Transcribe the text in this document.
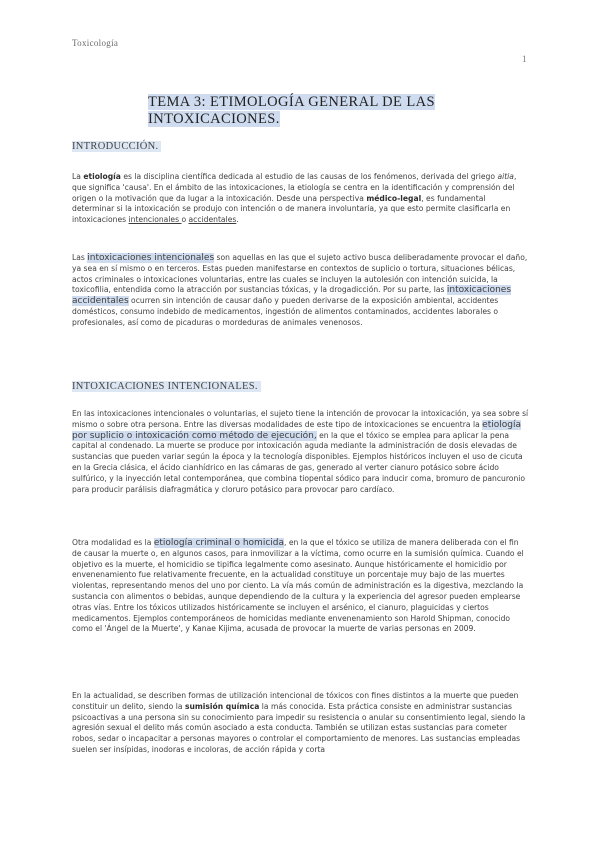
Toxicología
1
TEMA 3: ETIMOLOGÍA GENERAL DE LAS INTOXICACIONES.
INTRODUCCIÓN.

La etiología es la disciplina científica dedicada al estudio de las causas de los fenómenos, derivada del griego aitia, que significa 'causa'. En el ámbito de las intoxicaciones, la etiología se centra en la identificación y comprensión del origen o la motivación que da lugar a la intoxicación. Desde una perspectiva médico-legal, es fundamental determinar si la intoxicación se produjo con intención o de manera involuntaria, ya que esto permite clasificarla en intoxicaciones intencionales o accidentales.

Las intoxicaciones intencionales son aquellas en las que el sujeto activo busca deliberadamente provocar el daño, ya sea en sí mismo o en terceros. Estas pueden manifestarse en contextos de suplicio o tortura, situaciones bélicas, actos criminales o intoxicaciones voluntarias, entre las cuales se incluyen la autolesión con intención suicida, la toxicofilia, entendida como la atracción por sustancias tóxicas, y la drogadicción. Por su parte, las intoxicaciones accidentales ocurren sin intención de causar daño y pueden derivarse de la exposición ambiental, accidentes domésticos, consumo indebido de medicamentos, ingestión de alimentos contaminados, accidentes laborales o profesionales, así como de picaduras o mordeduras de animales venenosos.

INTOXICACIONES INTENCIONALES.

En las intoxicaciones intencionales o voluntarias, el sujeto tiene la intención de provocar la intoxicación, ya sea sobre sí mismo o sobre otra persona. Entre las diversas modalidades de este tipo de intoxicaciones se encuentra la etiología por suplicio o intoxicación como método de ejecución, en la que el tóxico se emplea para aplicar la pena capital al condenado. La muerte se produce por intoxicación aguda mediante la administración de dosis elevadas de sustancias que pueden variar según la época y la tecnología disponibles. Ejemplos históricos incluyen el uso de cicuta en la Grecia clásica, el ácido cianhídrico en las cámaras de gas, generado al verter cianuro potásico sobre ácido sulfúrico, y la inyección letal contemporánea, que combina tiopental sódico para inducir coma, bromuro de pancuronio para producir parálisis diafragmática y cloruro potásico para provocar paro cardíaco.

Otra modalidad es la etiología criminal o homicida, en la que el tóxico se utiliza de manera deliberada con el fin de causar la muerte o, en algunos casos, para inmovilizar a la víctima, como ocurre en la sumisión química. Cuando el objetivo es la muerte, el homicidio se tipifica legalmente como asesinato. Aunque históricamente el homicidio por envenenamiento fue relativamente frecuente, en la actualidad constituye un porcentaje muy bajo de las muertes violentas, representando menos del uno por ciento. La vía más común de administración es la digestiva, mezclando la sustancia con alimentos o bebidas, aunque dependiendo de la cultura y la experiencia del agresor pueden emplearse otras vías. Entre los tóxicos utilizados históricamente se incluyen el arsénico, el cianuro, plaguicidas y ciertos medicamentos. Ejemplos contemporáneos de homicidas mediante envenenamiento son Harold Shipman, conocido como el 'Ángel de la Muerte', y Kanae Kijima, acusada de provocar la muerte de varias personas en 2009.

En la actualidad, se describen formas de utilización intencional de tóxicos con fines distintos a la muerte que pueden constituir un delito, siendo la sumisión química la más conocida. Esta práctica consiste en administrar sustancias psicoactivas a una persona sin su conocimiento para impedir su resistencia o anular su consentimiento legal, siendo la agresión sexual el delito más común asociado a esta conducta. También se utilizan estas sustancias para cometer robos, sedar o incapacitar a personas mayores o controlar el comportamiento de menores. Las sustancias empleadas suelen ser insípidas, inodoras e incoloras, de acción rápida y corta
